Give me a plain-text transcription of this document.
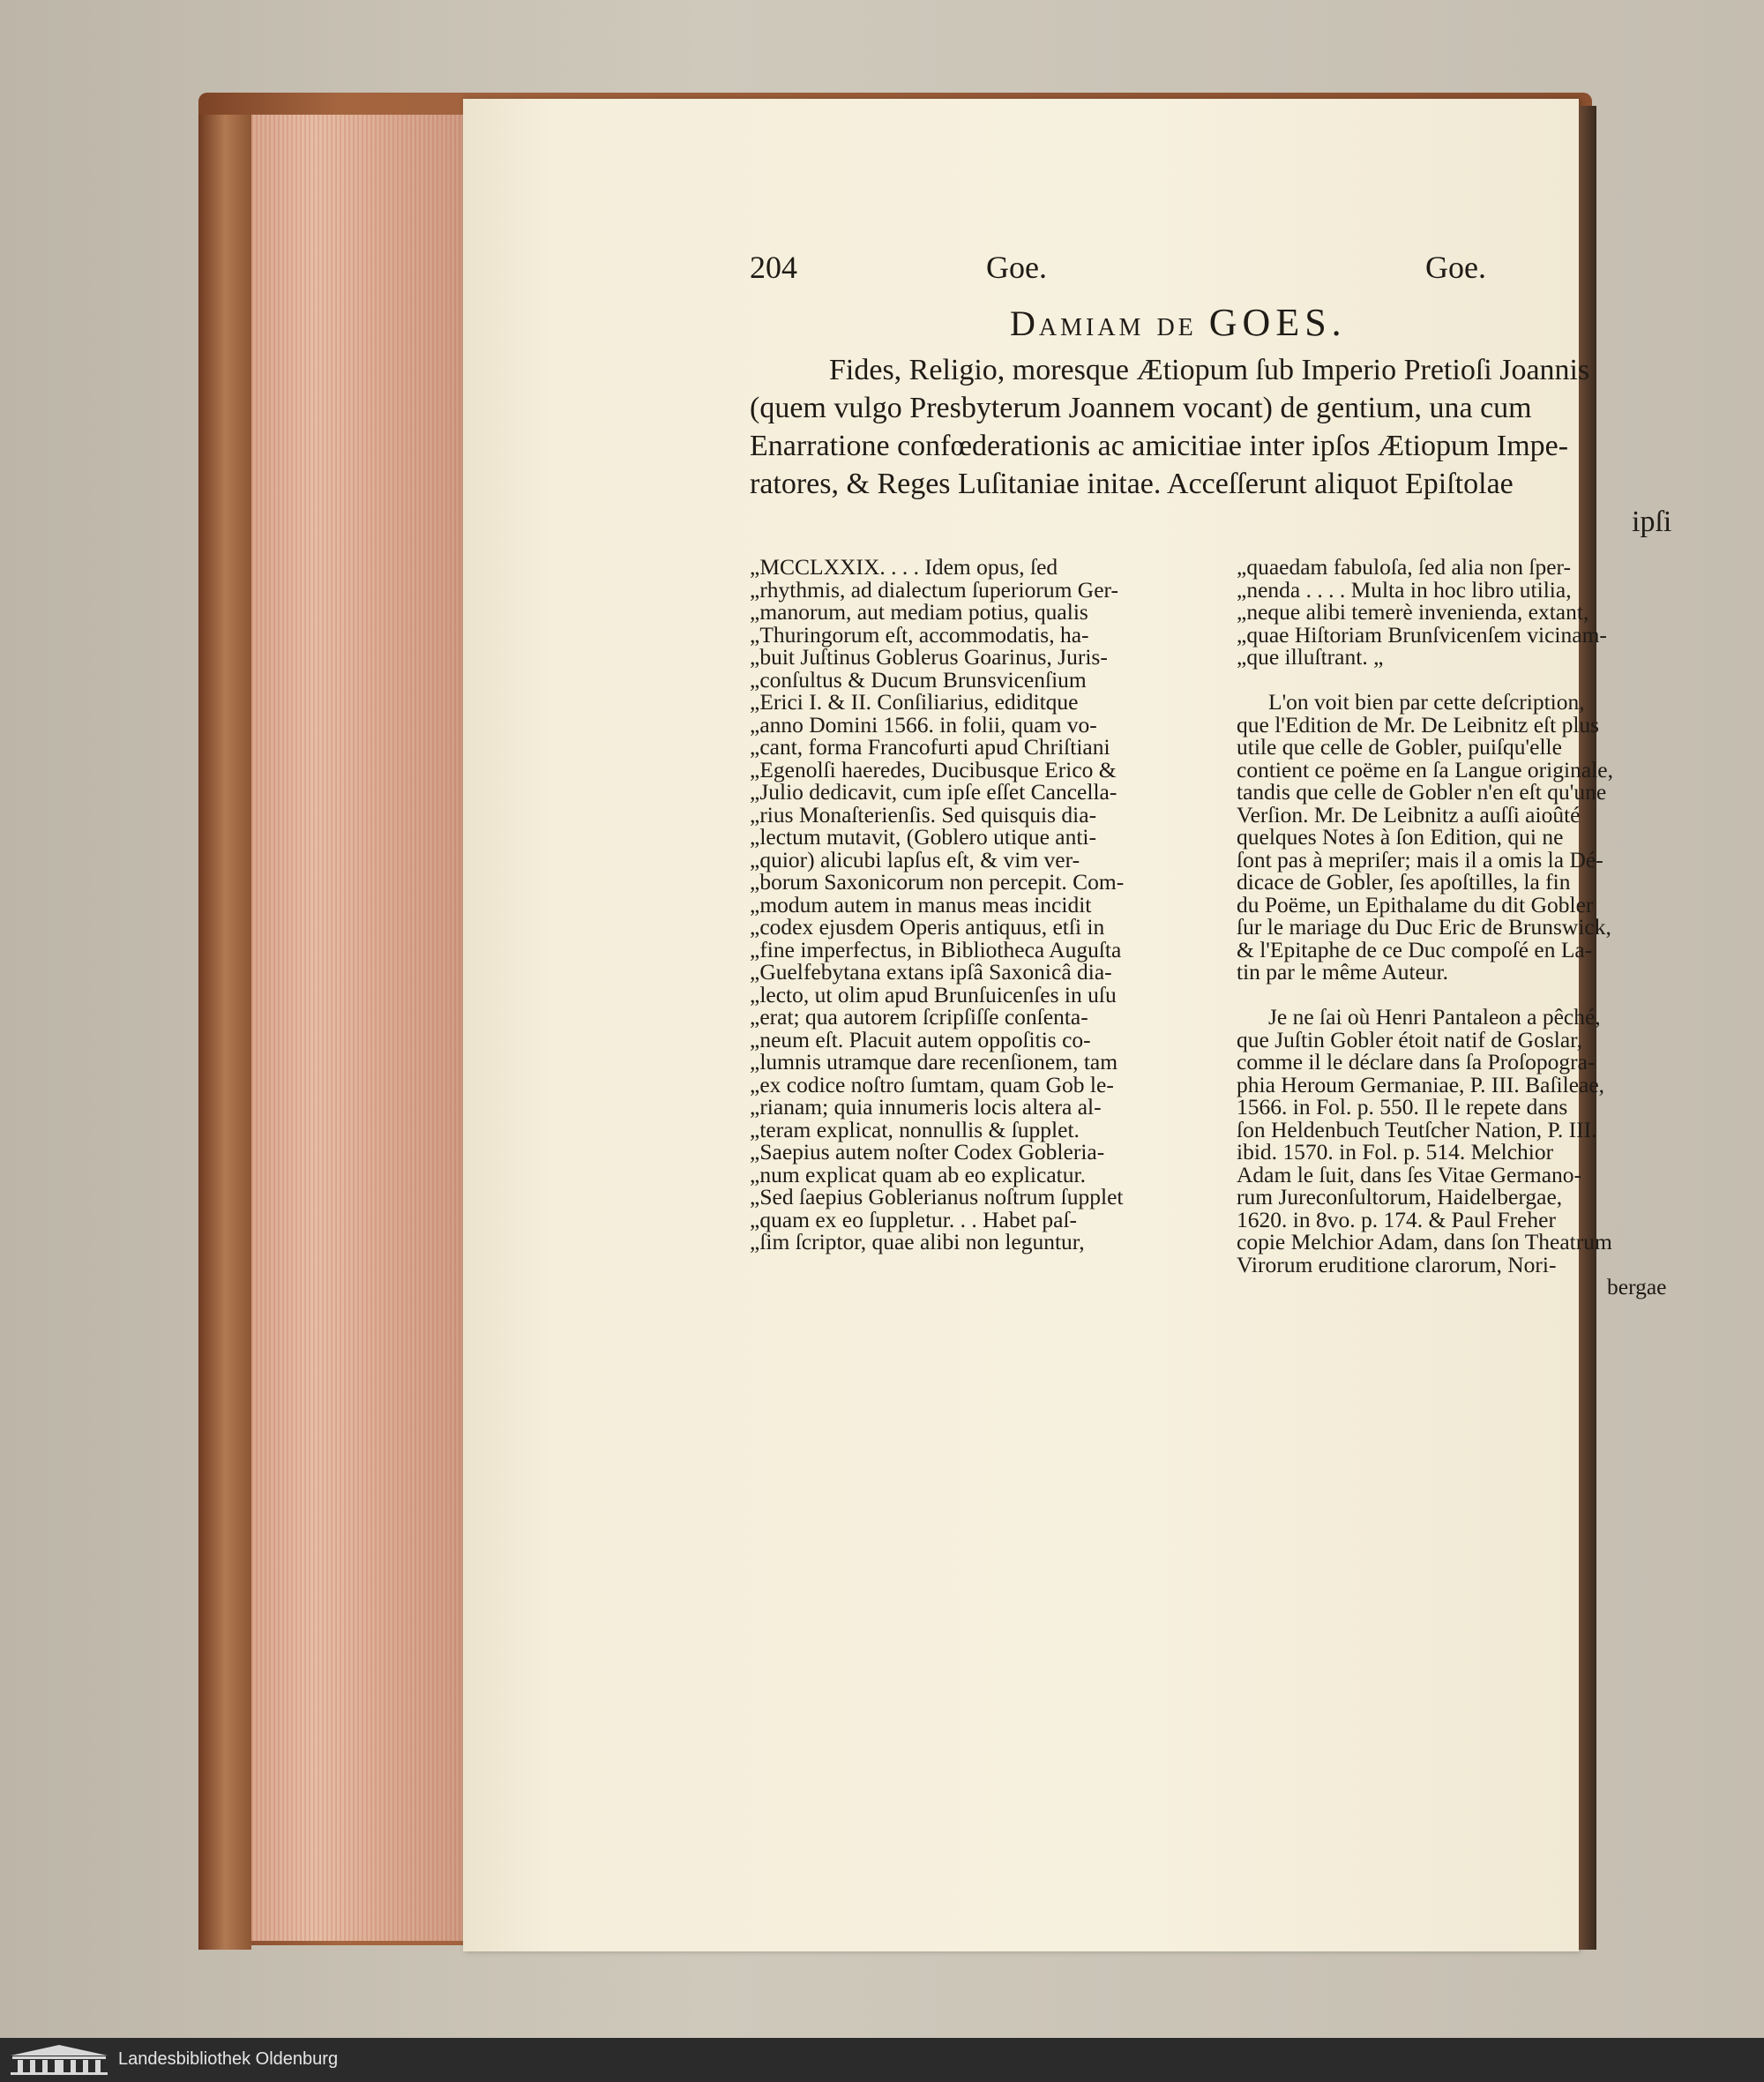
204	Goe.	Goe.
Damiam de GOES.
Fides, Religio, moresque Ætiopum ſub Imperio Pretioſi Joannis
(quem vulgo Presbyterum Joannem vocant) de gentium, una cum
Enarratione confœderationis ac amicitiae inter ipſos Ætiopum Impe-
ratores, & Reges Luſitaniae initae. Acceſſerunt aliquot Epiſtolae
ipſi
„MCCLXXIX. . . . Idem opus, ſed
„rhythmis, ad dialectum ſuperiorum Ger-
„manorum, aut mediam potius, qualis
„Thuringorum eſt, accommodatis, ha-
„buit Juſtinus Goblerus Goarinus, Juris-
„conſultus & Ducum Brunsvicenſium
„Erici I. & II. Conſiliarius, ediditque
„anno Domini 1566. in folii, quam vo-
„cant, forma Francofurti apud Chriſtiani
„Egenolſi haeredes, Ducibusque Erico &
„Julio dedicavit, cum ipſe eſſet Cancella-
„rius Monaſterienſis. Sed quisquis dia-
„lectum mutavit, (Goblero utique anti-
„quior) alicubi lapſus eſt, & vim ver-
„borum Saxonicorum non percepit. Com-
„modum autem in manus meas incidit
„codex ejusdem Operis antiquus, etſi in
„fine imperfectus, in Bibliotheca Auguſta
„Guelfebytana extans ipſâ Saxonicâ dia-
„lecto, ut olim apud Brunſuicenſes in uſu
„erat; qua autorem ſcripſiſſe conſenta-
„neum eſt. Placuit autem oppoſitis co-
„lumnis utramque dare recenſionem, tam
„ex codice noſtro ſumtam, quam Gob le-
„rianam; quia innumeris locis altera al-
„teram explicat, nonnullis & ſupplet.
„Saepius autem noſter Codex Gobleria-
„num explicat quam ab eo explicatur.
„Sed ſaepius Goblerianus noſtrum ſupplet
„quam ex eo ſuppletur. . . Habet paſ-
„ſim ſcriptor, quae alibi non leguntur,
„quaedam fabuloſa, ſed alia non ſper-
„nenda . . . . Multa in hoc libro utilia,
„neque alibi temerè invenienda, extant,
„quae Hiſtoriam Brunſvicenſem vicinam-
„que illuſtrant. „
L'on voit bien par cette deſcription,
que l'Edition de Mr. De Leibnitz eſt plus
utile que celle de Gobler, puiſqu'elle
contient ce poëme en ſa Langue originale,
tandis que celle de Gobler n'en eſt qu'une
Verſion. Mr. De Leibnitz a auſſi aioûté
quelques Notes à ſon Edition, qui ne
ſont pas à mepriſer; mais il a omis la Dé-
dicace de Gobler, ſes apoſtilles, la fin
du Poëme, un Epithalame du dit Gobler
ſur le mariage du Duc Eric de Brunswick,
& l'Epitaphe de ce Duc compoſé en La-
tin par le même Auteur.
Je ne ſai où Henri Pantaleon a pêché,
que Juſtin Gobler étoit natif de Goslar,
comme il le déclare dans ſa Proſopogra-
phia Heroum Germaniae, P. III. Baſileae,
1566. in Fol. p. 550. Il le repete dans
ſon Heldenbuch Teutſcher Nation, P. III.
ibid. 1570. in Fol. p. 514. Melchior
Adam le ſuit, dans ſes Vitae Germano-
rum Jureconſultorum, Haidelbergae,
1620. in 8vo. p. 174. & Paul Freher
copie Melchior Adam, dans ſon Theatrum
Virorum eruditione clarorum, Nori-
bergae
Landesbibliothek Oldenburg
